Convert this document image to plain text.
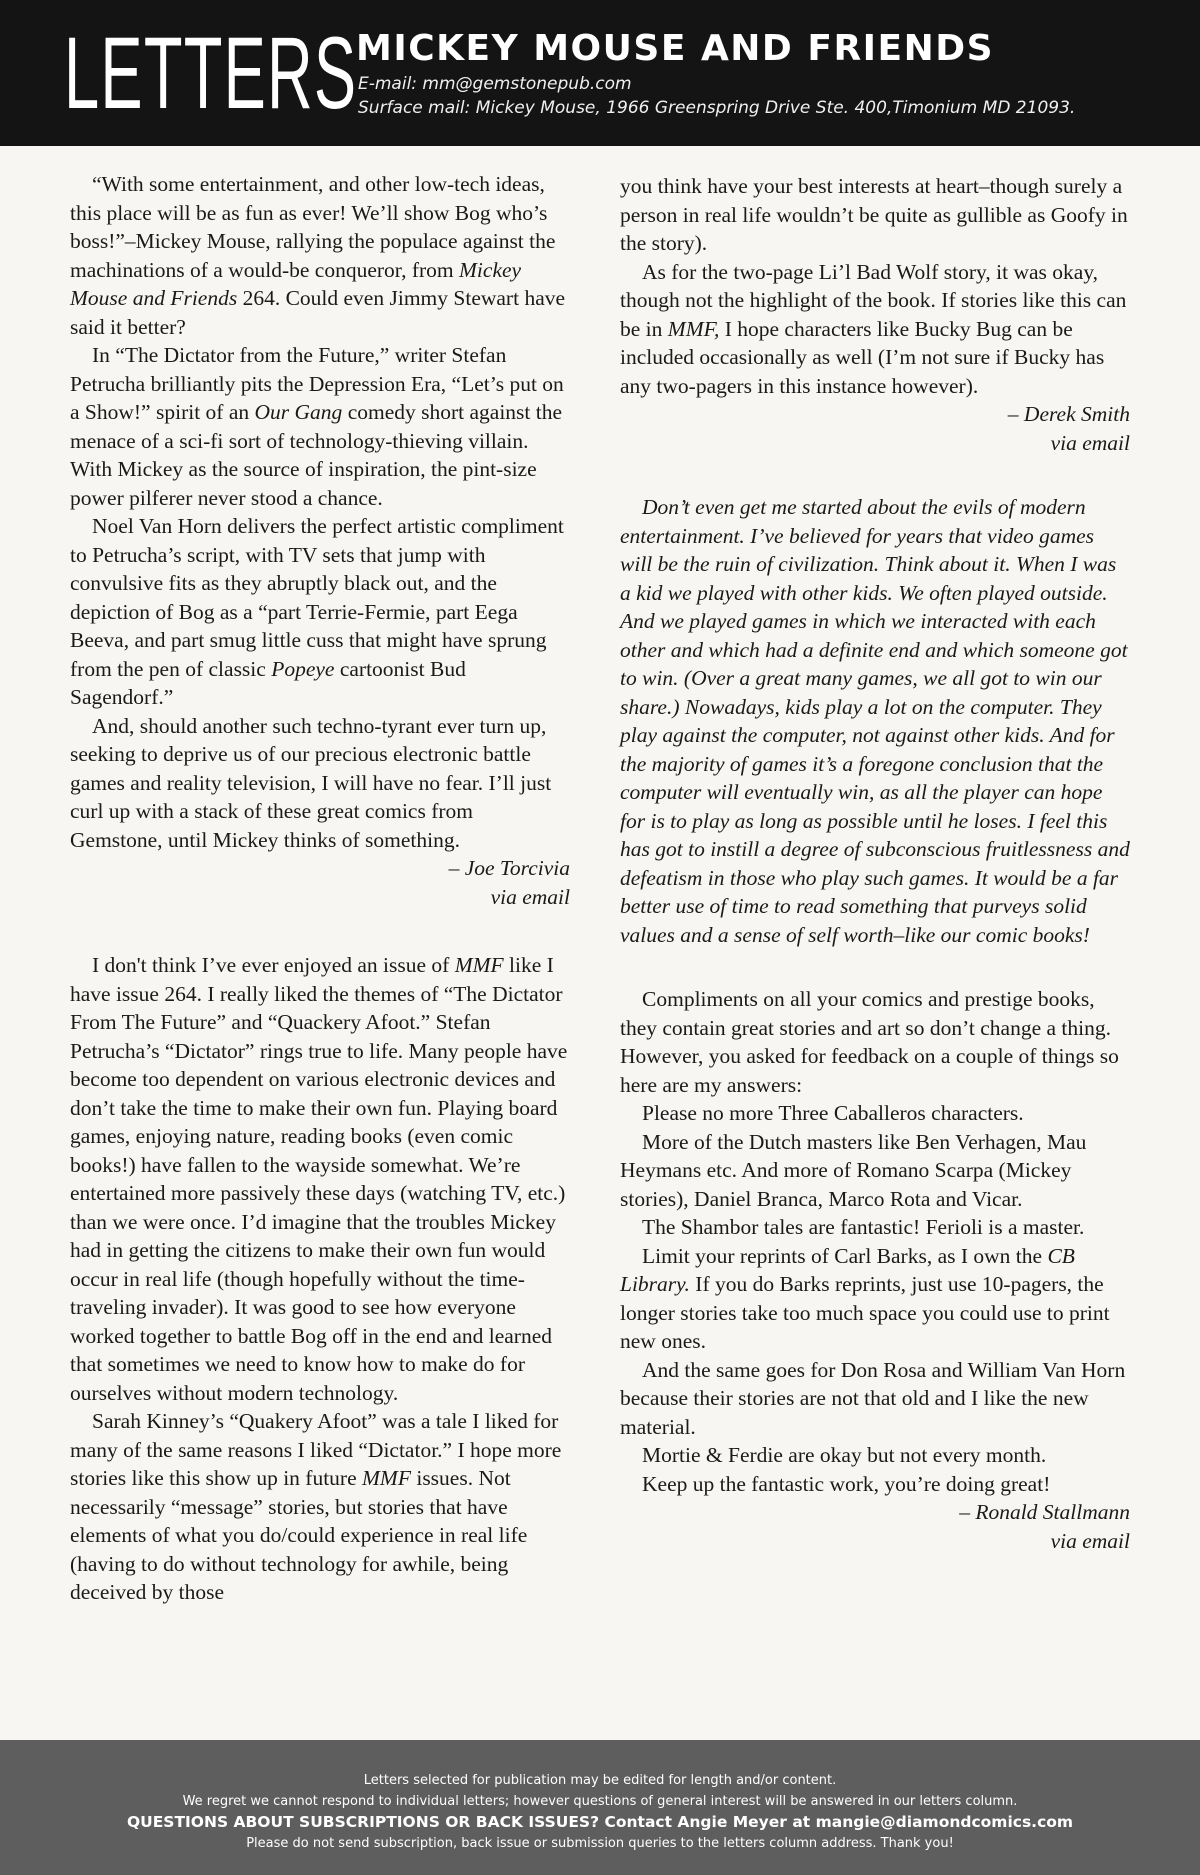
LETTERS
MICKEY MOUSE AND FRIENDS
E-mail: mm@gemstonepub.com
Surface mail: Mickey Mouse, 1966 Greenspring Drive Ste. 400,Timonium MD 21093.

“With some entertainment, and other low-tech ideas, this place will be as fun as ever! We’ll show Bog who’s boss!”–Mickey Mouse, rallying the populace against the machinations of a would-be conqueror, from Mickey Mouse and Friends 264. Could even Jimmy Stewart have said it better?

In “The Dictator from the Future,” writer Stefan Petrucha brilliantly pits the Depression Era, “Let’s put on a Show!” spirit of an Our Gang comedy short against the menace of a sci-fi sort of technology-thieving villain. With Mickey as the source of inspiration, the pint-size power pilferer never stood a chance.

Noel Van Horn delivers the perfect artistic compliment to Petrucha’s script, with TV sets that jump with convulsive fits as they abruptly black out, and the depiction of Bog as a “part Terrie-Fermie, part Eega Beeva, and part smug little cuss that might have sprung from the pen of classic Popeye cartoonist Bud Sagendorf.”

And, should another such techno-tyrant ever turn up, seeking to deprive us of our precious electronic battle games and reality television, I will have no fear. I’ll just curl up with a stack of these great comics from Gemstone, until Mickey thinks of something.

– Joe Torcivia

via email

I don't think I’ve ever enjoyed an issue of MMF like I have issue 264. I really liked the themes of “The Dictator From The Future” and “Quackery Afoot.” Stefan Petrucha’s “Dictator” rings true to life. Many people have become too dependent on various electronic devices and don’t take the time to make their own fun. Playing board games, enjoying nature, reading books (even comic books!) have fallen to the wayside somewhat. We’re entertained more passively these days (watching TV, etc.) than we were once. I’d imagine that the troubles Mickey had in getting the citizens to make their own fun would occur in real life (though hopefully without the time-traveling invader). It was good to see how everyone worked together to battle Bog off in the end and learned that sometimes we need to know how to make do for ourselves without modern technology.

Sarah Kinney’s “Quakery Afoot” was a tale I liked for many of the same reasons I liked “Dictator.” I hope more stories like this show up in future MMF issues. Not necessarily “message” stories, but stories that have elements of what you do/could experience in real life (having to do without technology for awhile, being deceived by those

you think have your best interests at heart–though surely a person in real life wouldn’t be quite as gullible as Goofy in the story).

As for the two-page Li’l Bad Wolf story, it was okay, though not the highlight of the book. If stories like this can be in MMF, I hope characters like Bucky Bug can be included occasionally as well (I’m not sure if Bucky has any two-pagers in this instance however).

– Derek Smith

via email

Don’t even get me started about the evils of modern entertainment. I’ve believed for years that video games will be the ruin of civilization. Think about it. When I was a kid we played with other kids. We often played outside. And we played games in which we interacted with each other and which had a definite end and which someone got to win. (Over a great many games, we all got to win our share.) Nowadays, kids play a lot on the computer. They play against the computer, not against other kids. And for the majority of games it’s a foregone conclusion that the computer will eventually win, as all the player can hope for is to play as long as possible until he loses. I feel this has got to instill a degree of subconscious fruitlessness and defeatism in those who play such games. It would be a far better use of time to read something that purveys solid values and a sense of self worth–like our comic books!

Compliments on all your comics and prestige books, they contain great stories and art so don’t change a thing. However, you asked for feedback on a couple of things so here are my answers:

Please no more Three Caballeros characters.

More of the Dutch masters like Ben Verhagen, Mau Heymans etc. And more of Romano Scarpa (Mickey stories), Daniel Branca, Marco Rota and Vicar.

The Shambor tales are fantastic! Ferioli is a master.

Limit your reprints of Carl Barks, as I own the CB Library. If you do Barks reprints, just use 10-pagers, the longer stories take too much space you could use to print new ones.

And the same goes for Don Rosa and William Van Horn because their stories are not that old and I like the new material.

Mortie & Ferdie are okay but not every month.

Keep up the fantastic work, you’re doing great!

– Ronald Stallmann

via email

Letters selected for publication may be edited for length and/or content.
We regret we cannot respond to individual letters; however questions of general interest will be answered in our letters column.
QUESTIONS ABOUT SUBSCRIPTIONS OR BACK ISSUES? Contact Angie Meyer at mangie@diamondcomics.com
Please do not send subscription, back issue or submission queries to the letters column address. Thank you!
